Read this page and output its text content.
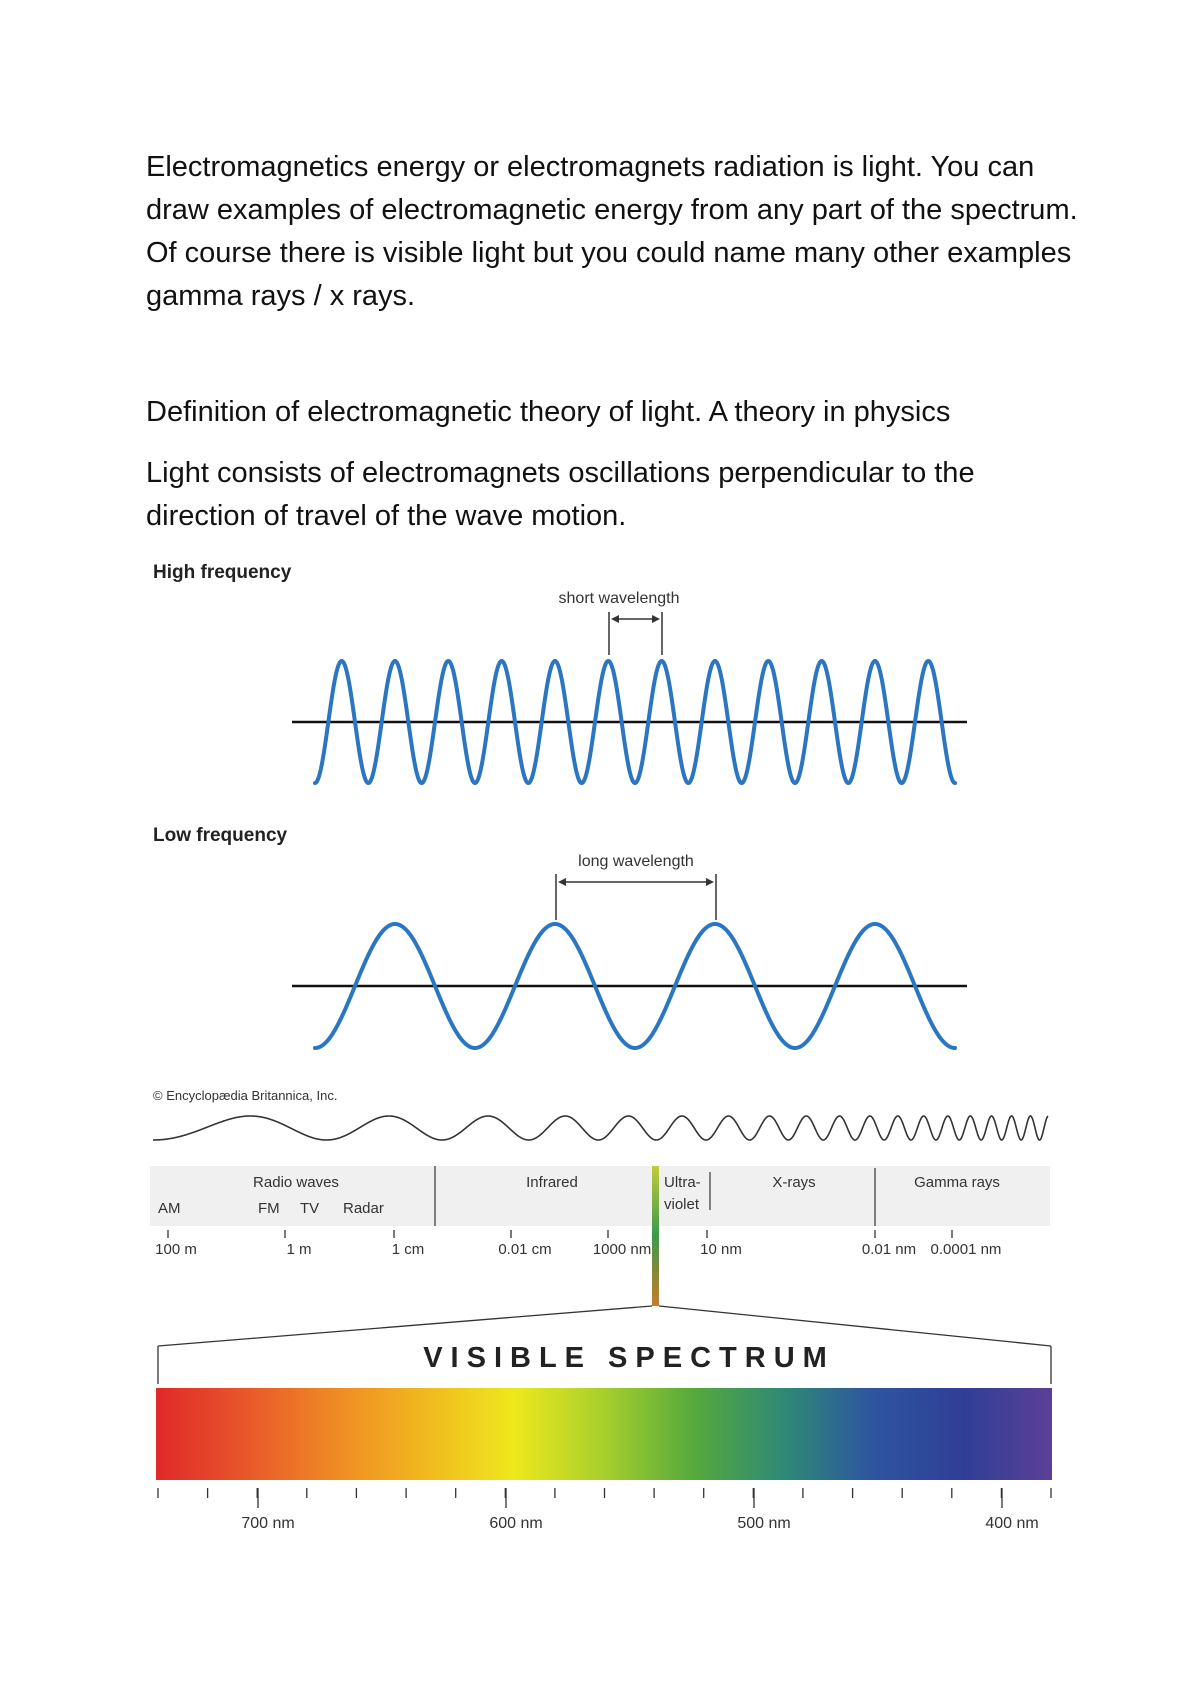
Electromagnetics energy or electromagnets radiation is light. You can draw examples of electromagnetic energy from any part of the spectrum. Of course there is visible light but you could name many other examples gamma rays / x rays.

Definition of electromagnetic theory of light. A theory in physics

Light consists of electromagnets oscillations perpendicular to the direction of travel of the wave motion.

High frequency
short wavelength
Low frequency
long wavelength
© Encyclopædia Britannica, Inc.
Radio waves
AM	FM TV Radar
Infrared	Ultra-
violet
X-rays	Gamma rays
100 m	1 m	1 cm	0.01 cm	1000 nm	10 nm	0.01 nm 0.0001 nm
VISIBLE SPECTRUM
700 nm	600 nm	500 nm	400 nm
